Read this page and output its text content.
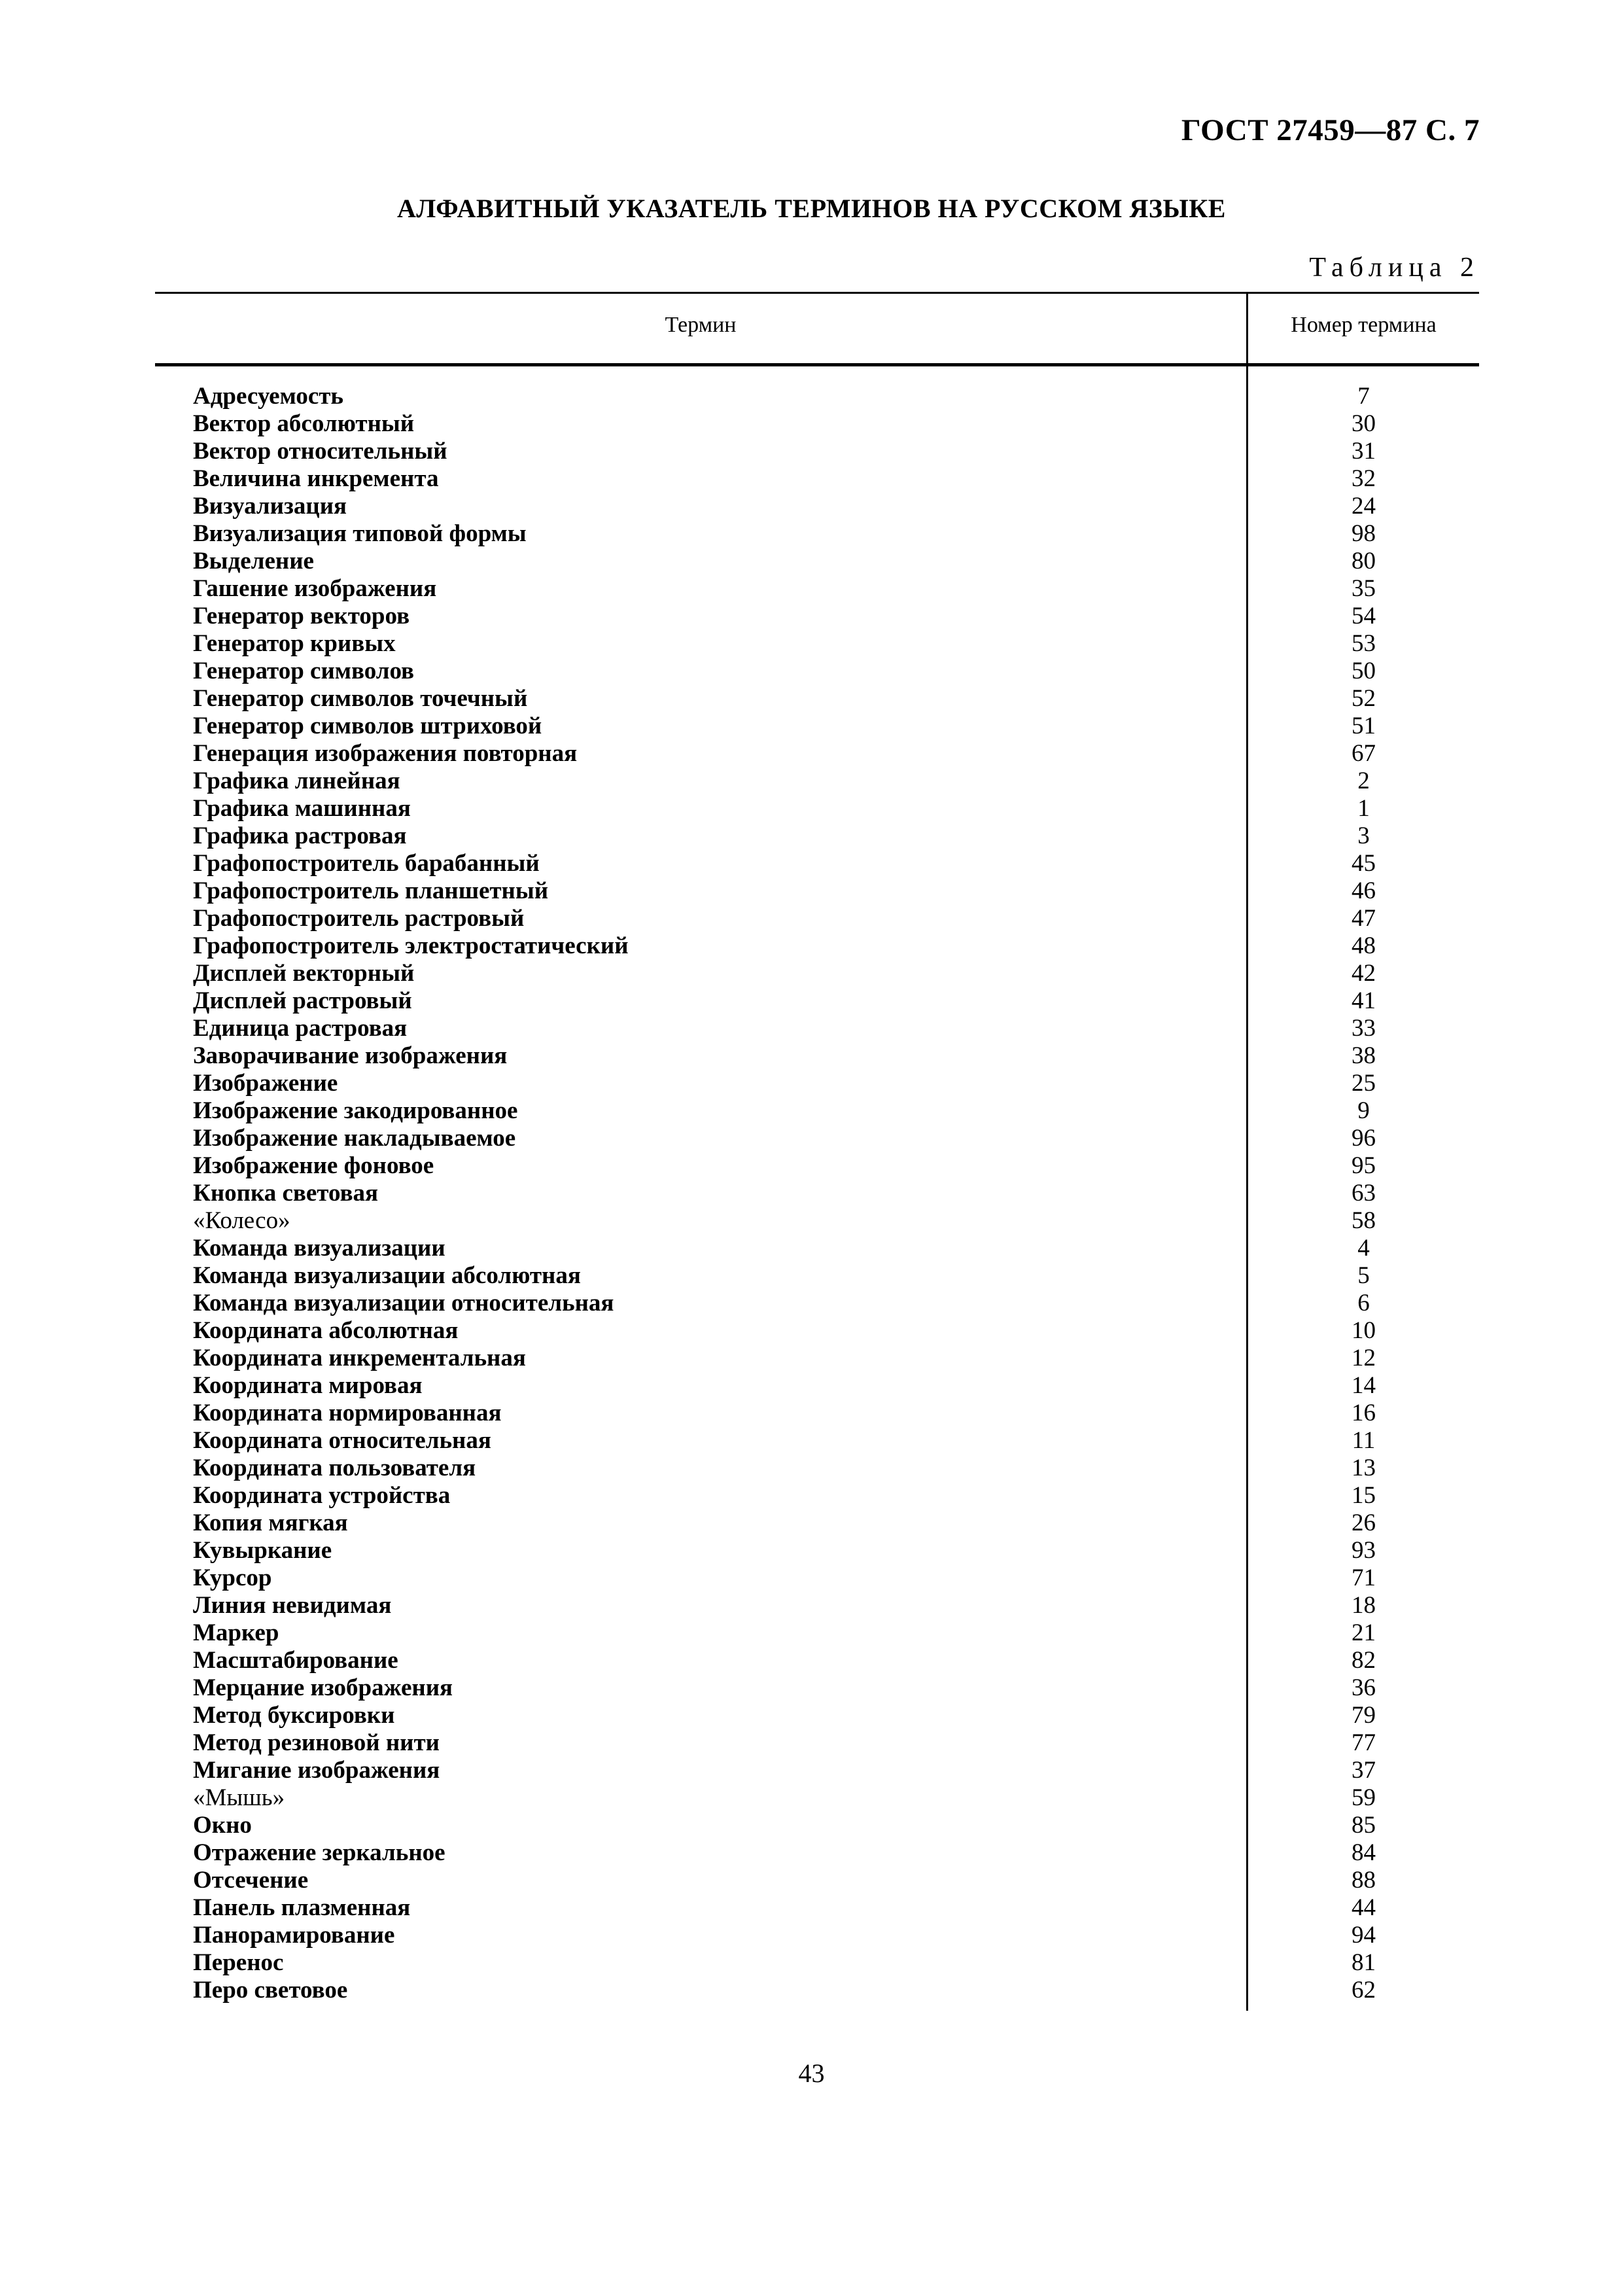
ГОСТ 27459—87 С. 7
АЛФАВИТНЫЙ УКАЗАТЕЛЬ ТЕРМИНОВ НА РУССКОМ ЯЗЫКЕ
Таблица 2
Термин	Номер термина
Адресуемость	7
Вектор абсолютный	30
Вектор относительный	31
Величина инкремента	32
Визуализация	24
Визуализация типовой формы	98
Выделение	80
Гашение изображения	35
Генератор векторов	54
Генератор кривых	53
Генератор символов	50
Генератор символов точечный	52
Генератор символов штриховой	51
Генерация изображения повторная	67
Графика линейная	2
Графика машинная	1
Графика растровая	3
Графопостроитель барабанный	45
Графопостроитель планшетный	46
Графопостроитель растровый	47
Графопостроитель электростатический	48
Дисплей векторный	42
Дисплей растровый	41
Единица растровая	33
Заворачивание изображения	38
Изображение	25
Изображение закодированное	9
Изображение накладываемое	96
Изображение фоновое	95
Кнопка световая	63
«Колесо»	58
Команда визуализации	4
Команда визуализации абсолютная	5
Команда визуализации относительная	6
Координата абсолютная	10
Координата инкрементальная	12
Координата мировая	14
Координата нормированная	16
Координата относительная	11
Координата пользователя	13
Координата устройства	15
Копия мягкая	26
Кувыркание	93
Курсор	71
Линия невидимая	18
Маркер	21
Масштабирование	82
Мерцание изображения	36
Метод буксировки	79
Метод резиновой нити	77
Мигание изображения	37
«Мышь»	59
Окно	85
Отражение зеркальное	84
Отсечение	88
Панель плазменная	44
Панорамирование	94
Перенос	81
Перо световое	62
43
